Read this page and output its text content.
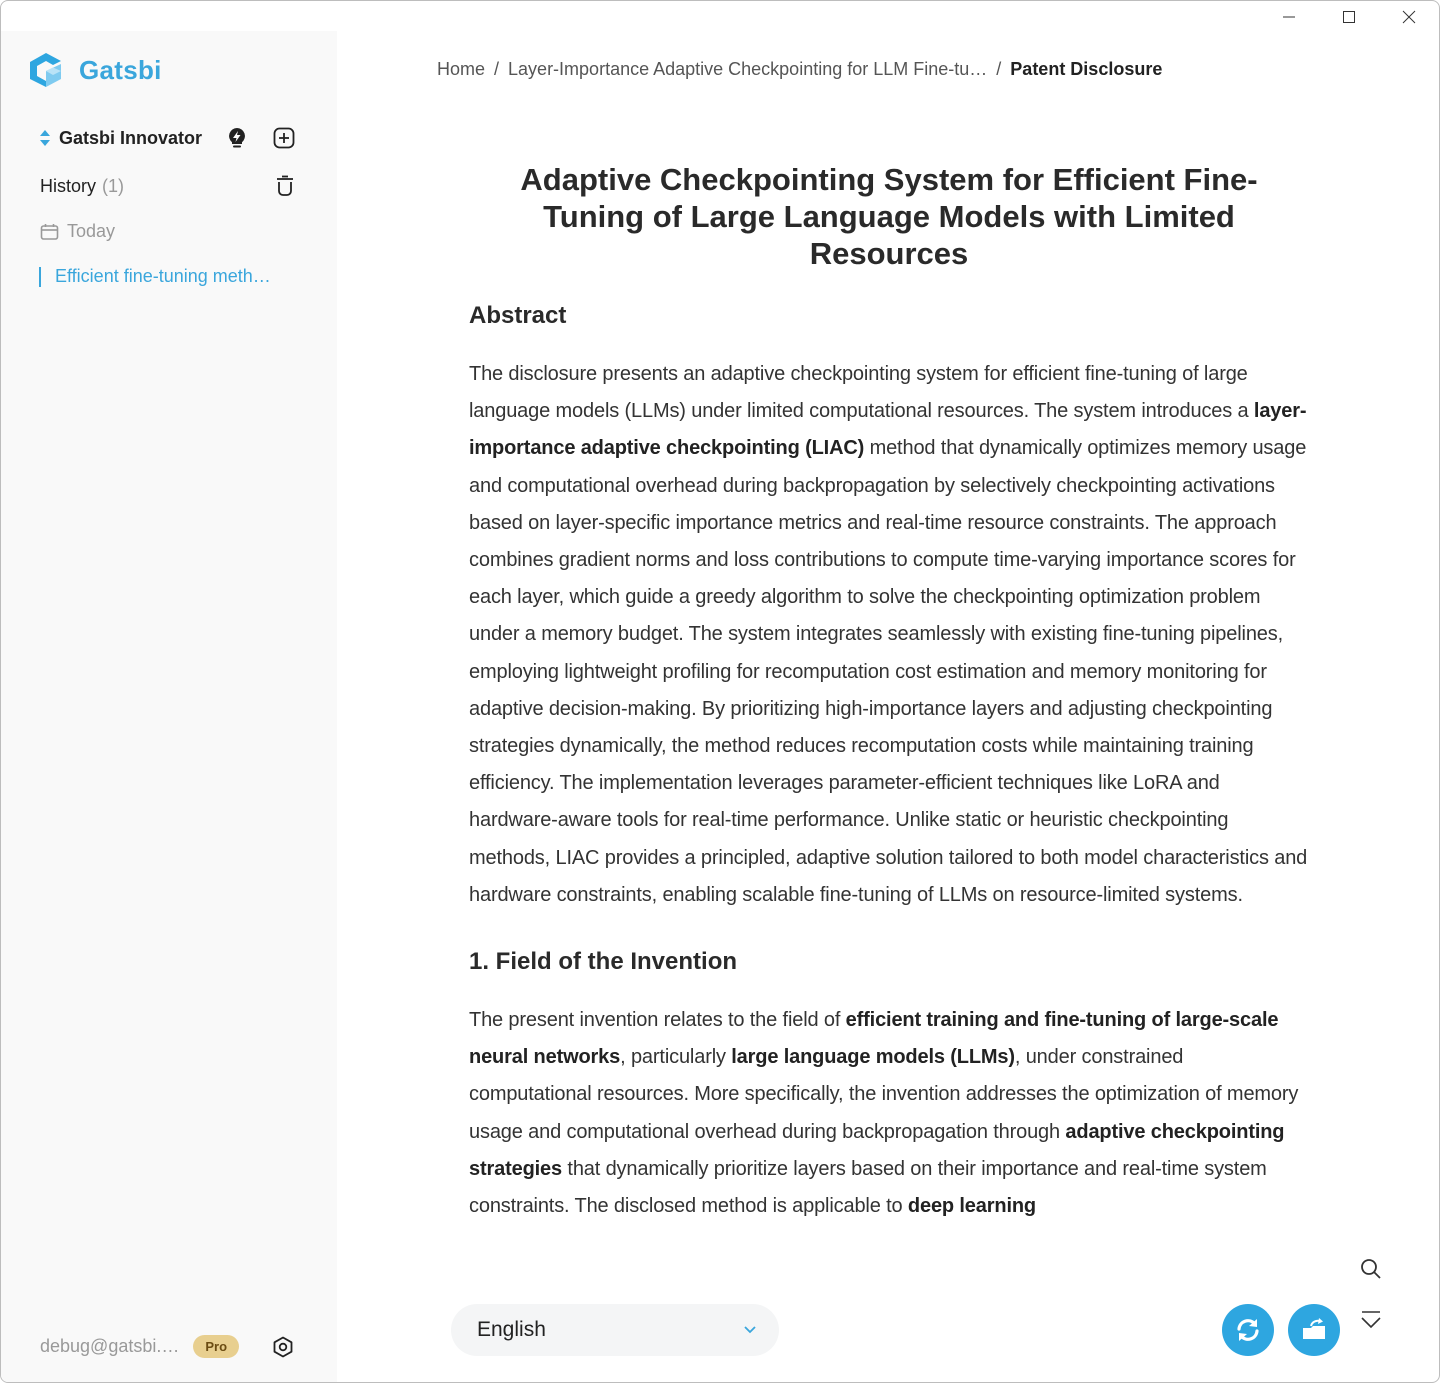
Gatsbi
Gatsbi Innovator
History (1)
Today
Efficient fine-tuning meth…
debug@gatsbi.…	Pro
Home / Layer-Importance Adaptive Checkpointing for LLM Fine-tu… / Patent Disclosure
Adaptive Checkpointing System for Efficient Fine-Tuning of Large Language Models with Limited Resources
Abstract

The disclosure presents an adaptive checkpointing system for efficient fine-tuning of large language models (LLMs) under limited computational resources. The system introduces a layer-importance adaptive checkpointing (LIAC) method that dynamically optimizes memory usage and computational overhead during backpropagation by selectively checkpointing activations based on layer-specific importance metrics and real-time resource constraints. The approach combines gradient norms and loss contributions to compute time-varying importance scores for each layer, which guide a greedy algorithm to solve the checkpointing optimization problem under a memory budget. The system integrates seamlessly with existing fine-tuning pipelines, employing lightweight profiling for recomputation cost estimation and memory monitoring for adaptive decision-making. By prioritizing high-importance layers and adjusting checkpointing strategies dynamically, the method reduces recomputation costs while maintaining training efficiency. The implementation leverages parameter-efficient techniques like LoRA and hardware-aware tools for real-time performance. Unlike static or heuristic checkpointing methods, LIAC provides a principled, adaptive solution tailored to both model characteristics and hardware constraints, enabling scalable fine-tuning of LLMs on resource-limited systems.

1. Field of the Invention

The present invention relates to the field of efficient training and fine-tuning of large-scale neural networks, particularly large language models (LLMs), under constrained computational resources. More specifically, the invention addresses the optimization of memory usage and computational overhead during backpropagation through adaptive checkpointing strategies that dynamically prioritize layers based on their importance and real-time system constraints. The disclosed method is applicable to deep learning

English
